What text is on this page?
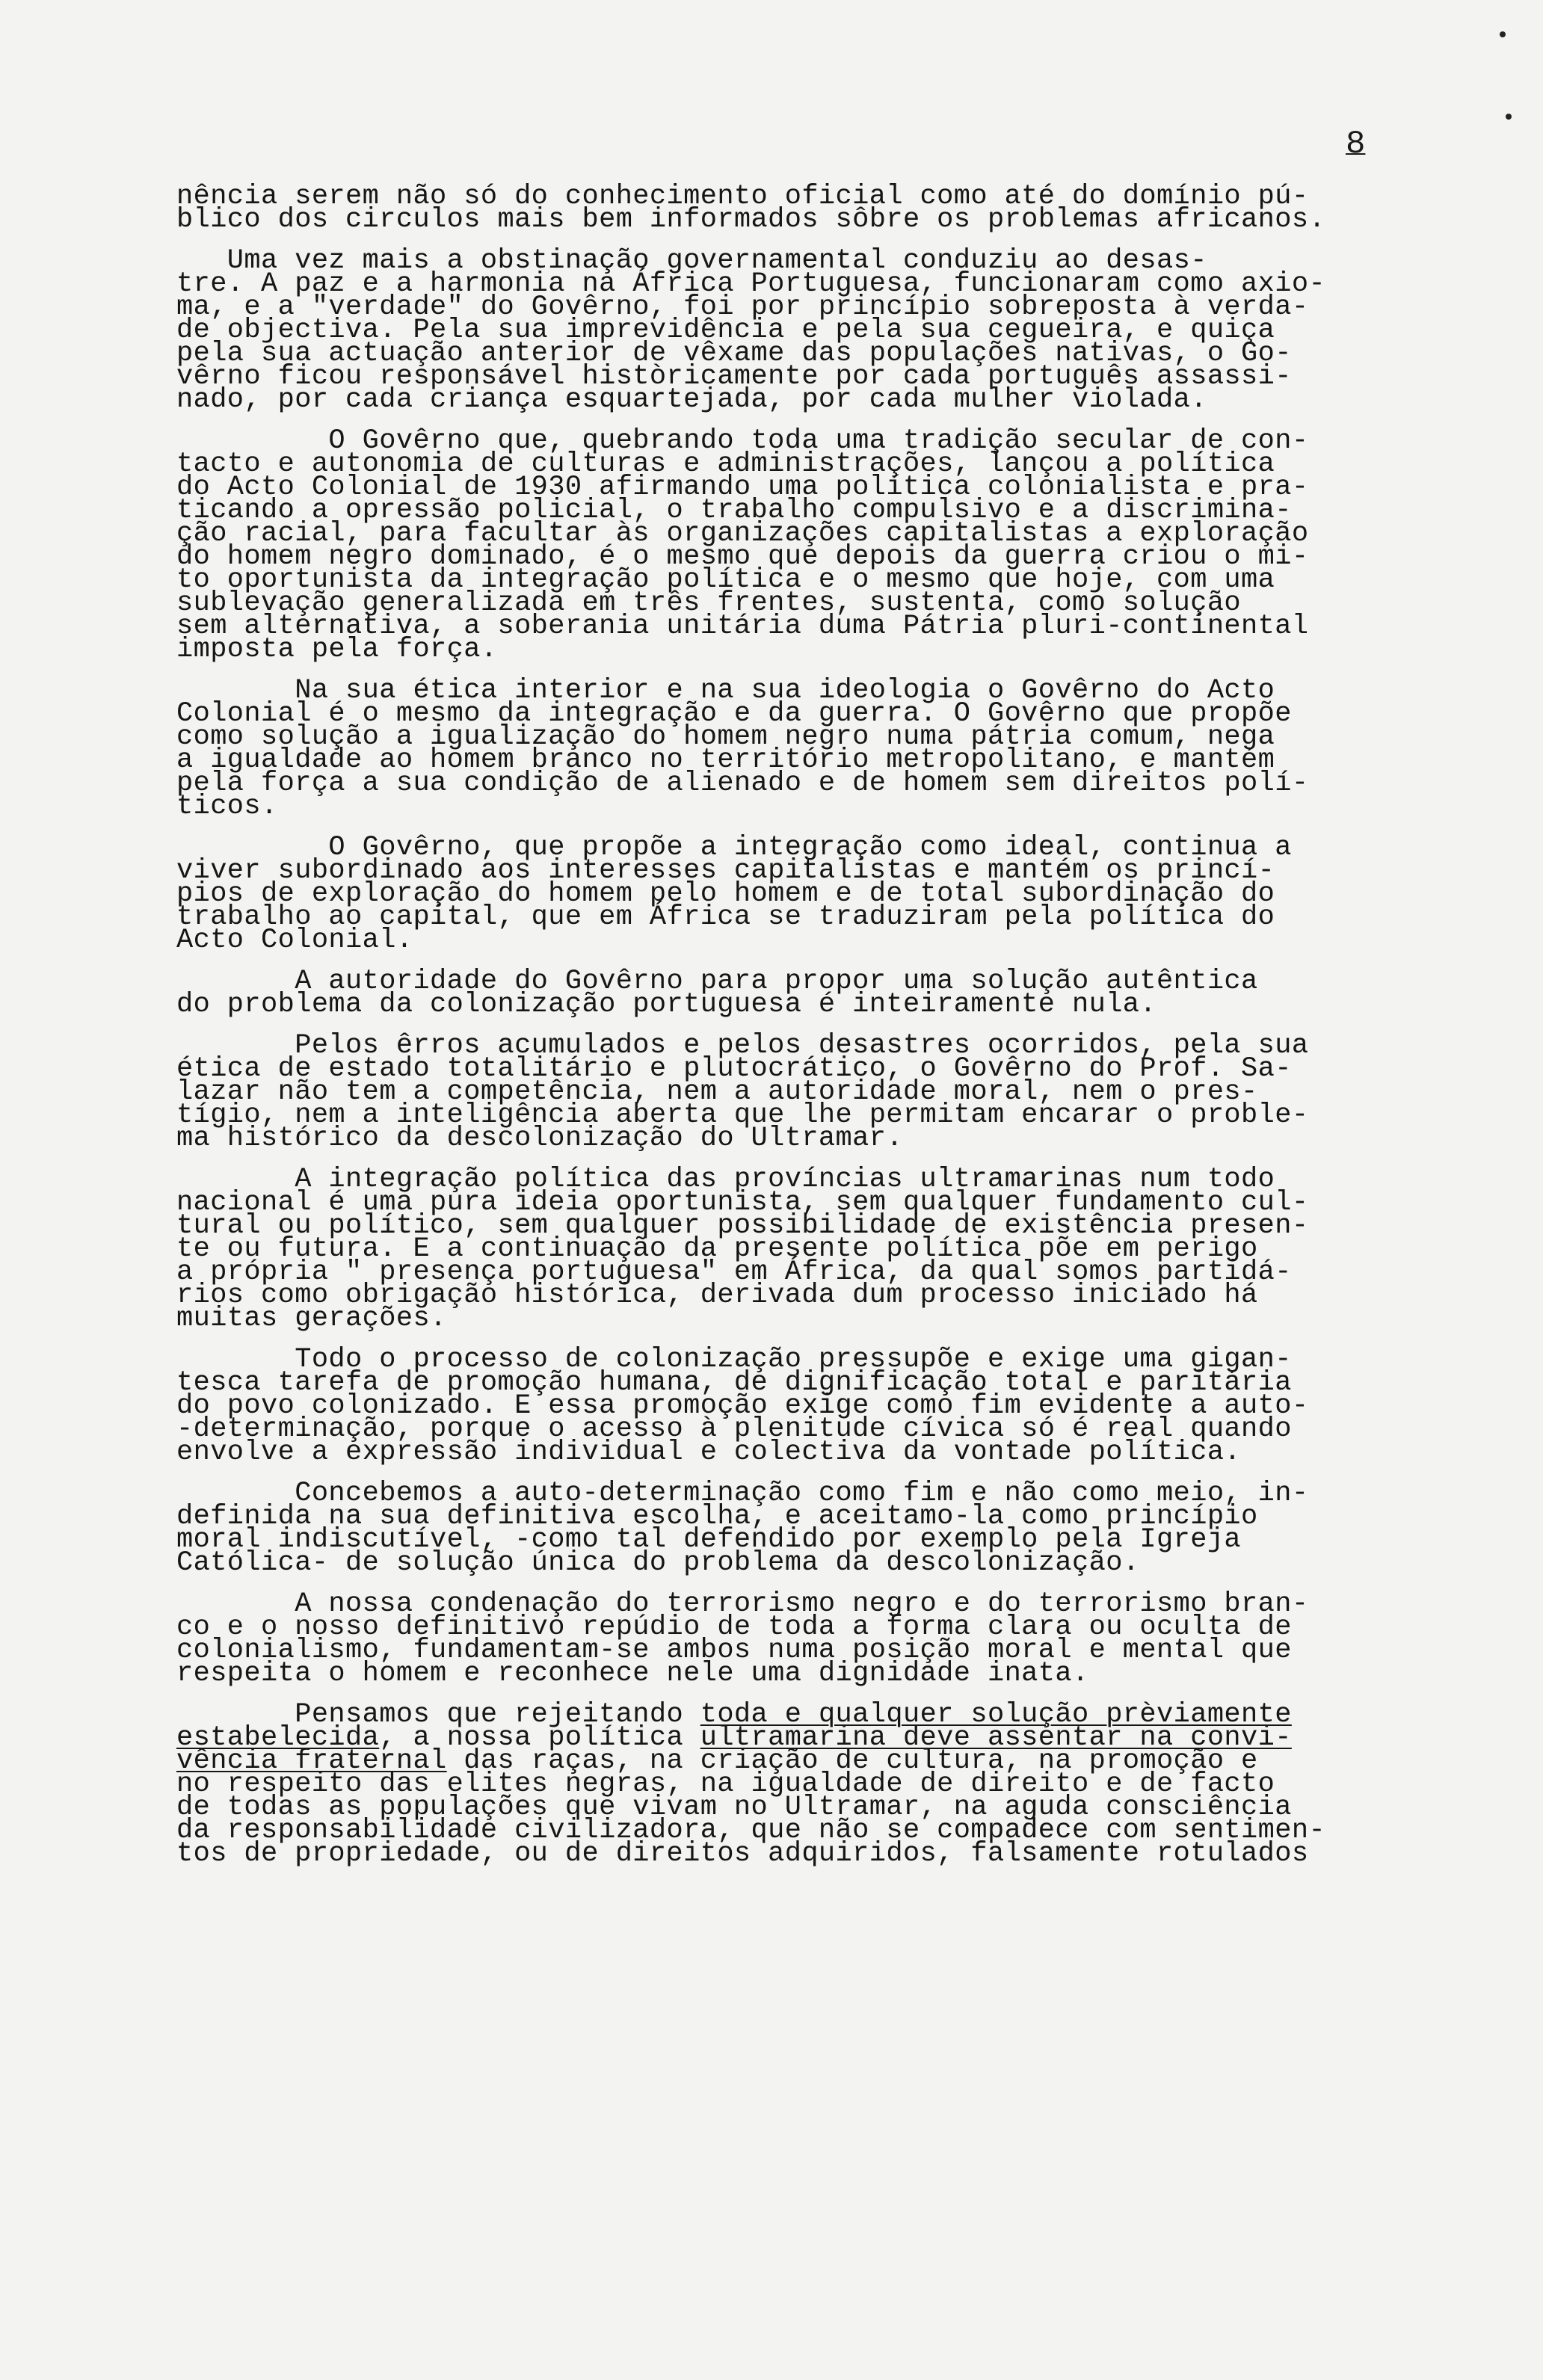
8
nência serem não só do conhecimento oficial como até do domínio pú-
blico dos circulos mais bem informados sôbre os problemas africanos.
Uma vez mais a obstinação governamental conduziu ao desas-
tre. A paz e a harmonia na África Portuguesa, funcionaram como axio-
ma, e a "verdade" do Govêrno, foi por princípio sobreposta à verda-
de objectiva. Pela sua imprevidência e pela sua cegueira, e quiça
pela sua actuação anterior de vêxame das populações nativas, o Go-
vêrno ficou responsável històricamente por cada português assassi-
nado, por cada criança esquartejada, por cada mulher violada.
O Govêrno que, quebrando toda uma tradição secular de con-
tacto e autonomia de culturas e administrações, lançou a política
do Acto Colonial de 1930 afirmando uma política colonialista e pra-
ticando a opressão policial, o trabalho compulsivo e a discrimina-
ção racial, para facultar às organizações capitalistas a exploração
do homem negro dominado, é o mesmo que depois da guerra criou o mi-
to oportunista da integração política e o mesmo que hoje, com uma
sublevação generalizada em três frentes, sustenta, como solução
sem alternativa, a soberania unitária duma Pátria pluri-continental
imposta pela força.
Na sua ética interior e na sua ideologia o Govêrno do Acto
Colonial é o mesmo da integração e da guerra. O Govêrno que propõe
como solução a igualização do homem negro numa pátria comum, nega
a igualdade ao homem branco no território metropolitano, e mantém
pela força a sua condição de alienado e de homem sem direitos polí-
ticos.
O Govêrno, que propõe a integração como ideal, continua a
viver subordinado aos interesses capitalistas e mantém os princí-
pios de exploração do homem pelo homem e de total subordinação do
trabalho ao capital, que em África se traduziram pela política do
Acto Colonial.
A autoridade do Govêrno para propor uma solução autêntica
do problema da colonização portuguesa é inteiramente nula.
Pelos êrros acumulados e pelos desastres ocorridos, pela sua
ética de estado totalitário e plutocrático, o Govêrno do Prof. Sa-
lazar não tem a competência, nem a autoridade moral, nem o pres-
tígio, nem a inteligência aberta que lhe permitam encarar o proble-
ma histórico da descolonização do Ultramar.
A integração política das províncias ultramarinas num todo
nacional é uma pura ideia oportunista, sem qualquer fundamento cul-
tural ou político, sem qualquer possibilidade de existência presen-
te ou futura. E a continuação da presente política põe em perigo
a própria " presença portuguesa" em África, da qual somos partidá-
rios como obrigação histórica, derivada dum processo iniciado há
muitas gerações.
Todo o processo de colonização pressupõe e exige uma gigan-
tesca tarefa de promoção humana, de dignificação total e paritária
do povo colonizado. E essa promoção exige como fim evidente a auto-
-determinação, porque o acesso à plenitude cívica só é real quando
envolve a expressão individual e colectiva da vontade política.
Concebemos a auto-determinação como fim e não como meio, in-
definida na sua definitiva escolha, e aceitamo-la como princípio
moral indiscutível, -como tal defendido por exemplo pela Igreja
Católica- de solução única do problema da descolonização.
A nossa condenação do terrorismo negro e do terrorismo bran-
co e o nosso definitivo repúdio de toda a forma clara ou oculta de
colonialismo, fundamentam-se ambos numa posição moral e mental que
respeita o homem e reconhece nele uma dignidade inata.
Pensamos que rejeitando toda e qualquer solução prèviamente
estabelecida, a nossa política ultramarina deve assentar na convi-
vência fraternal das raças, na criação de cultura, na promoção e
no respeito das elites negras, na igualdade de direito e de facto
de todas as populações que vivam no Ultramar, na aguda consciência
da responsabilidade civilizadora, que não se compadece com sentimen-
tos de propriedade, ou de direitos adquiridos, falsamente rotulados
